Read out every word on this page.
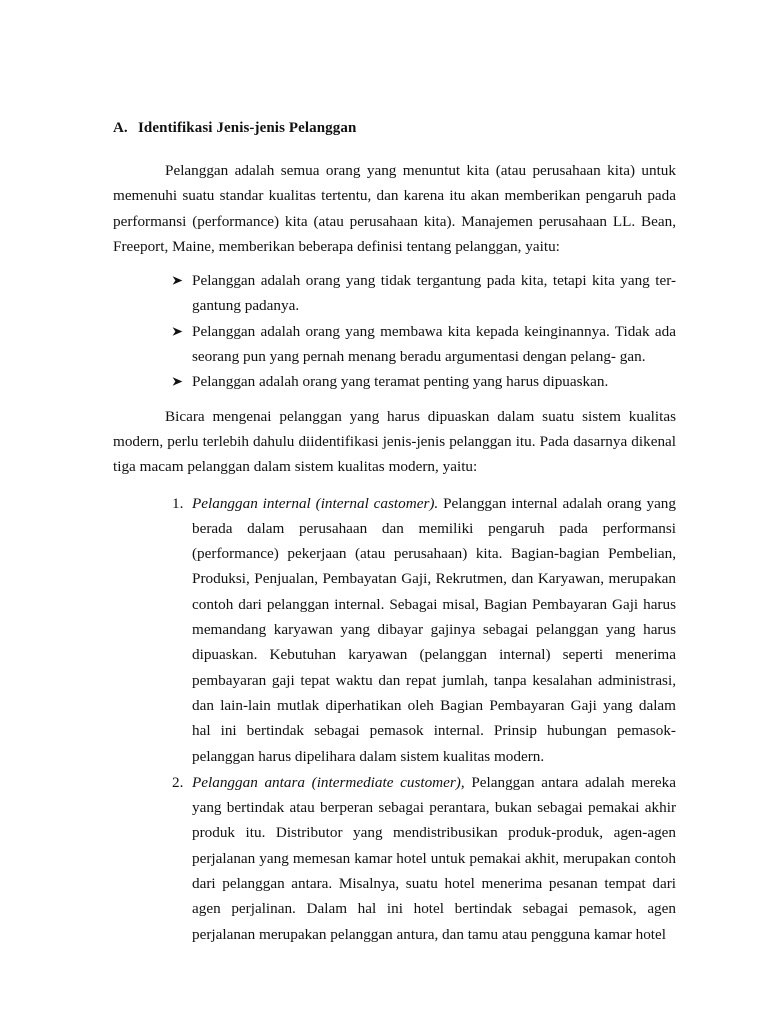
A. Identifikasi Jenis-jenis Pelanggan

Pelanggan adalah semua orang yang menuntut kita (atau perusahaan kita) untuk memenuhi suatu standar kualitas tertentu, dan karena itu akan memberikan pengaruh pada performansi (performance) kita (atau perusahaan kita). Manajemen perusahaan LL. Bean, Freeport, Maine, memberikan beberapa definisi tentang pelanggan, yaitu:

Pelanggan adalah orang yang tidak tergantung pada kita, tetapi kita yang ter- gantung padanya.
Pelanggan adalah orang yang membawa kita kepada keinginannya. Tidak ada seorang pun yang pernah menang beradu argumentasi dengan pelang- gan.
Pelanggan adalah orang yang teramat penting yang harus dipuaskan.

Bicara mengenai pelanggan yang harus dipuaskan dalam suatu sistem kualitas modern, perlu terlebih dahulu diidentifikasi jenis-jenis pelanggan itu. Pada dasarnya dikenal tiga macam pelanggan dalam sistem kualitas modern, yaitu:

1. Pelanggan internal (internal castomer). Pelanggan internal adalah orang yang berada dalam perusahaan dan memiliki pengaruh pada performansi (performance) pekerjaan (atau perusahaan) kita. Bagian-bagian Pembelian, Produksi, Penjualan, Pembayatan Gaji, Rekrutmen, dan Karyawan, merupakan contoh dari pelanggan internal. Sebagai misal, Bagian Pembayaran Gaji harus memandang karyawan yang dibayar gajinya sebagai pelanggan yang harus dipuaskan. Kebutuhan karyawan (pelanggan internal) seperti menerima pembayaran gaji tepat waktu dan repat jumlah, tanpa kesalahan administrasi, dan lain-lain mutlak diperhatikan oleh Bagian Pembayaran Gaji yang dalam hal ini bertindak sebagai pemasok internal. Prinsip hubungan pemasok-pelanggan harus dipelihara dalam sistem kualitas modern.
2. Pelanggan antara (intermediate customer), Pelanggan antara adalah mereka yang bertindak atau berperan sebagai perantara, bukan sebagai pemakai akhir produk itu. Distributor yang mendistribusikan produk-produk, agen-agen perjalanan yang memesan kamar hotel untuk pemakai akhit, merupakan contoh dari pelanggan antara. Misalnya, suatu hotel menerima pesanan tempat dari agen perjalinan. Dalam hal ini hotel bertindak sebagai pemasok, agen perjalanan merupakan pelanggan antura, dan tamu atau pengguna kamar hotel
